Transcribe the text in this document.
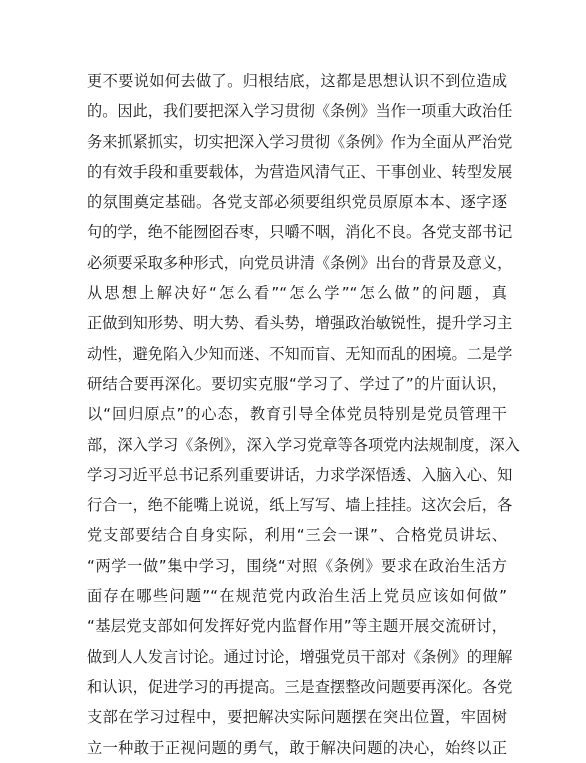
更不要说如何去做了。归根结底，这都是思想认识不到位造成
的。因此，我们要把深入学习贯彻《条例》当作一项重大政治任
务来抓紧抓实，切实把深入学习贯彻《条例》作为全面从严治党
的有效手段和重要载体，为营造风清气正、干事创业、转型发展
的氛围奠定基础。各党支部必须要组织党员原原本本、逐字逐
句的学，绝不能囫囵吞枣，只嚼不咽，消化不良。各党支部书记
必须要采取多种形式，向党员讲清《条例》出台的背景及意义，
从思想上解决好“怎么看”“怎么学”“怎么做”的问题，真
正做到知形势、明大势、看头势，增强政治敏锐性，提升学习主
动性，避免陷入少知而迷、不知而盲、无知而乱的困境。二是学
研结合要再深化。要切实克服“学习了、学过了”的片面认识，
以“回归原点”的心态，教育引导全体党员特别是党员管理干
部，深入学习《条例》，深入学习党章等各项党内法规制度，深入
学习习近平总书记系列重要讲话，力求学深悟透、入脑入心、知
行合一，绝不能嘴上说说，纸上写写、墙上挂挂。这次会后，各
党支部要结合自身实际，利用“三会一课”、合格党员讲坛、
“两学一做”集中学习，围绕“对照《条例》要求在政治生活方
面存在哪些问题”“在规范党内政治生活上党员应该如何做”
“基层党支部如何发挥好党内监督作用”等主题开展交流研讨，
做到人人发言讨论。通过讨论，增强党员干部对《条例》的理解
和认识，促进学习的再提高。三是查摆整改问题要再深化。各党
支部在学习过程中，要把解决实际问题摆在突出位置，牢固树
立一种敢于正视问题的勇气，敢于解决问题的决心，始终以正
